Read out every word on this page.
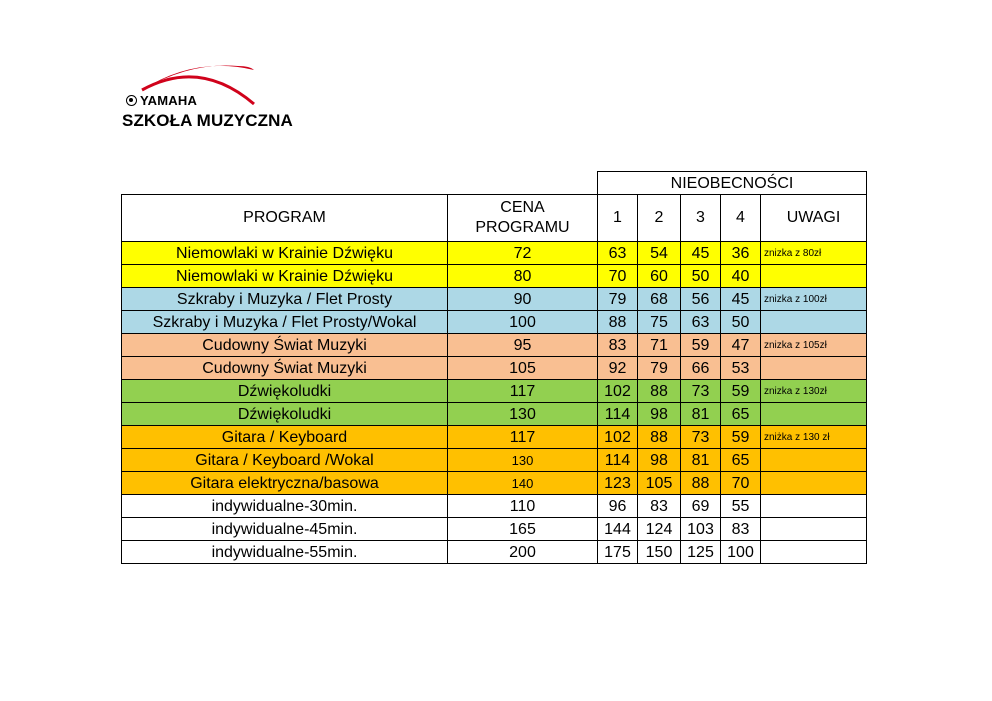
YAMAHA
SZKOŁA MUZYCZNA
		NIEOBECNOŚCI				
PROGRAM	CENA
PROGRAMU	1	2	3	4	UWAGI
Niemowlaki w Krainie Dźwięku	72	63	54	45	36	znizka z 80zł
Niemowlaki w Krainie Dźwięku	80	70	60	50	40	
Szkraby i Muzyka / Flet Prosty	90	79	68	56	45	znizka z 100zł
Szkraby i Muzyka / Flet Prosty/Wokal	100	88	75	63	50	
Cudowny Świat Muzyki	95	83	71	59	47	znizka z 105zł
Cudowny Świat Muzyki	105	92	79	66	53	
Dźwiękoludki	117	102	88	73	59	znizka z 130zł
Dźwiękoludki	130	114	98	81	65	
Gitara / Keyboard	117	102	88	73	59	zniżka z 130 zł
Gitara / Keyboard /Wokal	130	114	98	81	65	
Gitara elektryczna/basowa	140	123	105	88	70	
indywidualne-30min.	110	96	83	69	55	
indywidualne-45min.	165	144	124	103	83	
indywidualne-55min.	200	175	150	125	100	
